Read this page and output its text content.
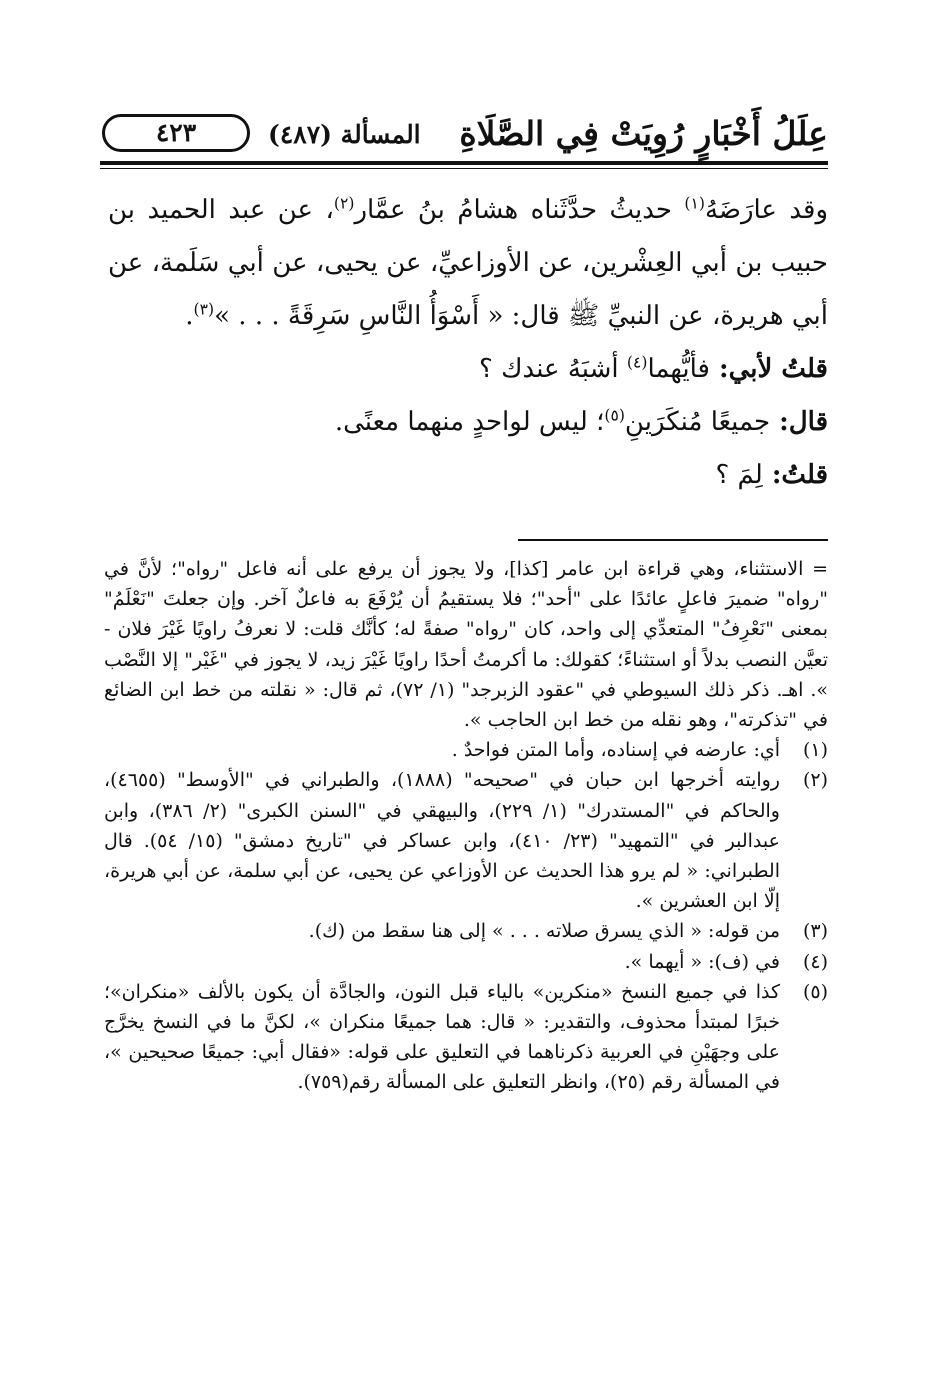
عِلَلُ أَخْبَارٍ رُوِيَتْ فِي الصَّلَاةِ
المسألة (٤٨٧)
٤٢٣

وقد عارَضَهُ$^{(١)}$ حديثُ حدَّثَناه هشامُ بنُ عمَّار$^{(٢)}$، عن عبد الحميد بن حبيب بن أبي العِشْرين، عن الأوزاعيِّ، عن يحيى، عن أبي سَلَمة، عن أبي هريرة، عن النبيِّ ﷺ قال: « أَسْوَأُ النَّاسِ سَرِقَةً . . . »$^{(٣)}$.

قلتُ لأبي: فأيُّهما$^{(٤)}$ أشبَهُ عندك ؟

قال: جميعًا مُنكَرَينِ$^{(٥)}$؛ ليس لواحدٍ منهما معنًى.

قلتُ: لِمَ ؟

= الاستثناء، وهي قراءة ابن عامر [كذا]، ولا يجوز أن يرفع على أنه فاعل "رواه"؛ لأنَّ في "رواه" ضميرَ فاعلٍ عائدًا على "أحد"؛ فلا يستقيمُ أن يُرْفَعَ به فاعلٌ آخر. وإن جعلتَ "نَعْلَمُ" بمعنى "نَعْرِفُ" المتعدِّي إلى واحد، كان "رواه" صفةً له؛ كأنَّك قلت: لا نعرفُ راويًا غَيْرَ فلان - تعيَّن النصب بدلاً أو استثناءً؛ كقولك: ما أكرمتُ أحدًا راويًا غَيْرَ زيد، لا يجوز في "غَيْر" إلا النَّصْب ». اهـ. ذكر ذلك السيوطي في "عقود الزبرجد" (١/ ٧٢)، ثم قال: « نقلته من خط ابن الضائع في "تذكرته"، وهو نقله من خط ابن الحاجب ».

(١)
أي: عارضه في إسناده، وأما المتن فواحدٌ .
(٢)
روايته أخرجها ابن حبان في "صحيحه" (١٨٨٨)، والطبراني في "الأوسط" (٤٦٥٥)، والحاكم في "المستدرك" (١/ ٢٢٩)، والبيهقي في "السنن الكبرى" (٢/ ٣٨٦)، وابن عبدالبر في "التمهيد" (٢٣/ ٤١٠)، وابن عساكر في "تاريخ دمشق" (١٥/ ٥٤). قال الطبراني: « لم يرو هذا الحديث عن الأوزاعي عن يحيى، عن أبي سلمة، عن أبي هريرة، إلّا ابن العشرين ».
(٣)
من قوله: « الذي يسرق صلاته . . . » إلى هنا سقط من (ك).
(٤)
في (ف): « أيهما ».
(٥)
كذا في جميع النسخ «منكرين» بالياء قبل النون، والجادَّة أن يكون بالألف «منكران»؛ خبرًا لمبتدأ محذوف، والتقدير: « قال: هما جميعًا منكران »، لكنَّ ما في النسخ يخرَّج على وجهَيْنِ في العربية ذكرناهما في التعليق على قوله: «فقال أبي: جميعًا صحيحين »، في المسألة رقم (٢٥)، وانظر التعليق على المسألة رقم(٧٥٩).
